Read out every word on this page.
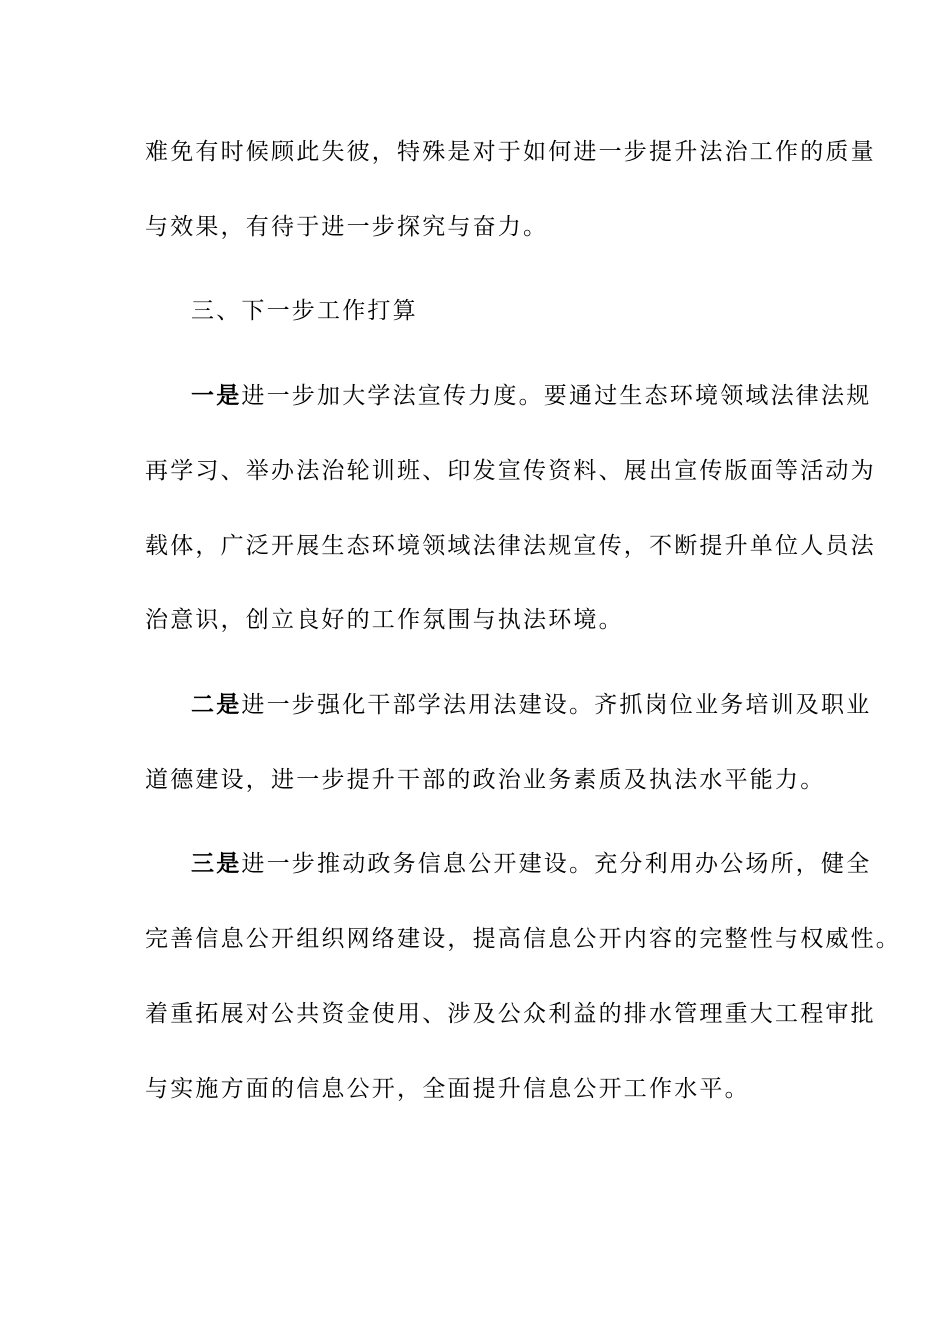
难免有时候顾此失彼，特殊是对于如何进一步提升法治工作的质量
与效果，有待于进一步探究与奋力。
三、下一步工作打算
一是进一步加大学法宣传力度。要通过生态环境领域法律法规
再学习、举办法治轮训班、印发宣传资料、展出宣传版面等活动为
载体，广泛开展生态环境领域法律法规宣传，不断提升单位人员法
治意识，创立良好的工作氛围与执法环境。
二是进一步强化干部学法用法建设。齐抓岗位业务培训及职业
道德建设，进一步提升干部的政治业务素质及执法水平能力。
三是进一步推动政务信息公开建设。充分利用办公场所，健全
完善信息公开组织网络建设，提高信息公开内容的完整性与权威性。
着重拓展对公共资金使用、涉及公众利益的排水管理重大工程审批
与实施方面的信息公开，全面提升信息公开工作水平。
